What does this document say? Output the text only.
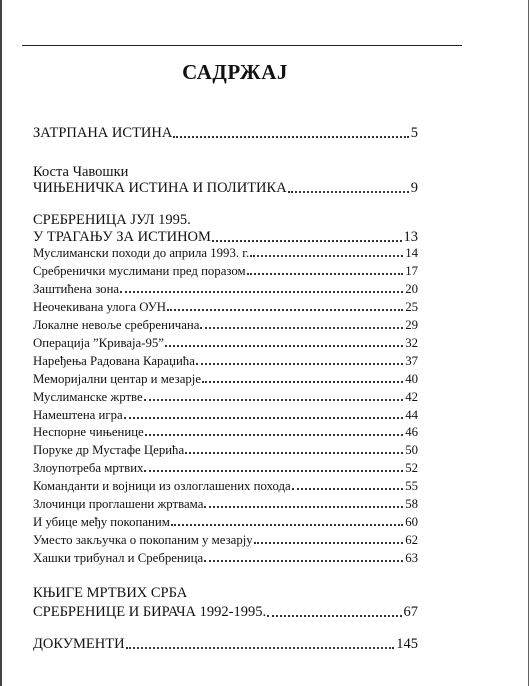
САДРЖАЈ
ЗАТРПАНА ИСТИНА	5
Коста Чавошки
ЧИЊЕНИЧКА ИСТИНА И ПОЛИТИКА	9
СРЕБРЕНИЦА ЈУЛ 1995.
У ТРАГАЊУ ЗА ИСТИНОМ	13
Муслимански походи до априла 1993. г.	14
Сребренички муслимани пред поразом	17
Заштићена зона	20
Неочекивана улога ОУН	25
Локалне невоље сребреничана	29
Операција ”Криваја-95”	32
Наређења Радована Караџића	37
Меморијални центар и мезарје	40
Муслиманске жртве	42
Намештена игра	44
Неспорне чињенице	46
Поруке др Мустафе Церића	50
Злоупотреба мртвих	52
Команданти и војници из озлоглашених похода	55
Злочинци проглашени жртвама	58
И убице међу покопаним	60
Уместо закључка о покопаним у мезарју	62
Хашки трибунал и Сребреница	63
КЊИГЕ МРТВИХ СРБА
СРЕБРЕНИЦЕ И БИРАЧА 1992-1995.	67
ДОКУМЕНТИ	145
